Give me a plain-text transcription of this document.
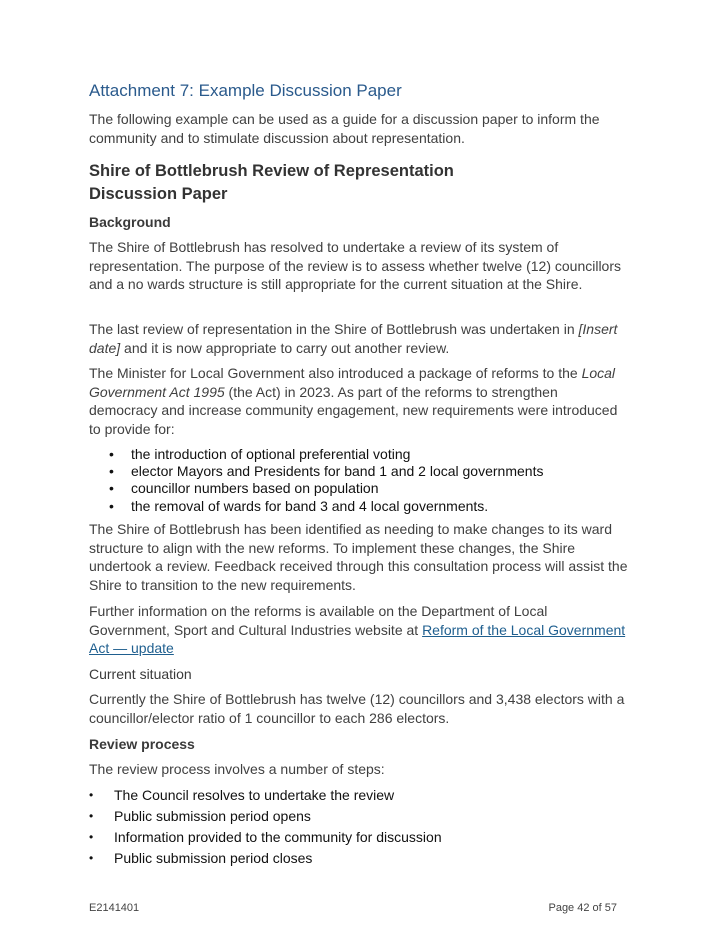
Attachment 7: Example Discussion Paper

The following example can be used as a guide for a discussion paper to inform the community and to stimulate discussion about representation.

Shire of Bottlebrush Review of Representation
Discussion Paper
Background

The Shire of Bottlebrush has resolved to undertake a review of its system of representation. The purpose of the review is to assess whether twelve (12) councillors and a no wards structure is still appropriate for the current situation at the Shire.

The last review of representation in the Shire of Bottlebrush was undertaken in [Insert date] and it is now appropriate to carry out another review.

The Minister for Local Government also introduced a package of reforms to the Local Government Act 1995 (the Act) in 2023. As part of the reforms to strengthen democracy and increase community engagement, new requirements were introduced to provide for:

• the introduction of optional preferential voting
• elector Mayors and Presidents for band 1 and 2 local governments
• councillor numbers based on population
• the removal of wards for band 3 and 4 local governments.

The Shire of Bottlebrush has been identified as needing to make changes to its ward structure to align with the new reforms. To implement these changes, the Shire undertook a review. Feedback received through this consultation process will assist the Shire to transition to the new requirements.

Further information on the reforms is available on the Department of Local Government, Sport and Cultural Industries website at Reform of the Local Government Act — update

Current situation

Currently the Shire of Bottlebrush has twelve (12) councillors and 3,438 electors with a councillor/elector ratio of 1 councillor to each 286 electors.

Review process

The review process involves a number of steps:

• The Council resolves to undertake the review
• Public submission period opens
• Information provided to the community for discussion
• Public submission period closes
E2141401	Page 42 of 57
